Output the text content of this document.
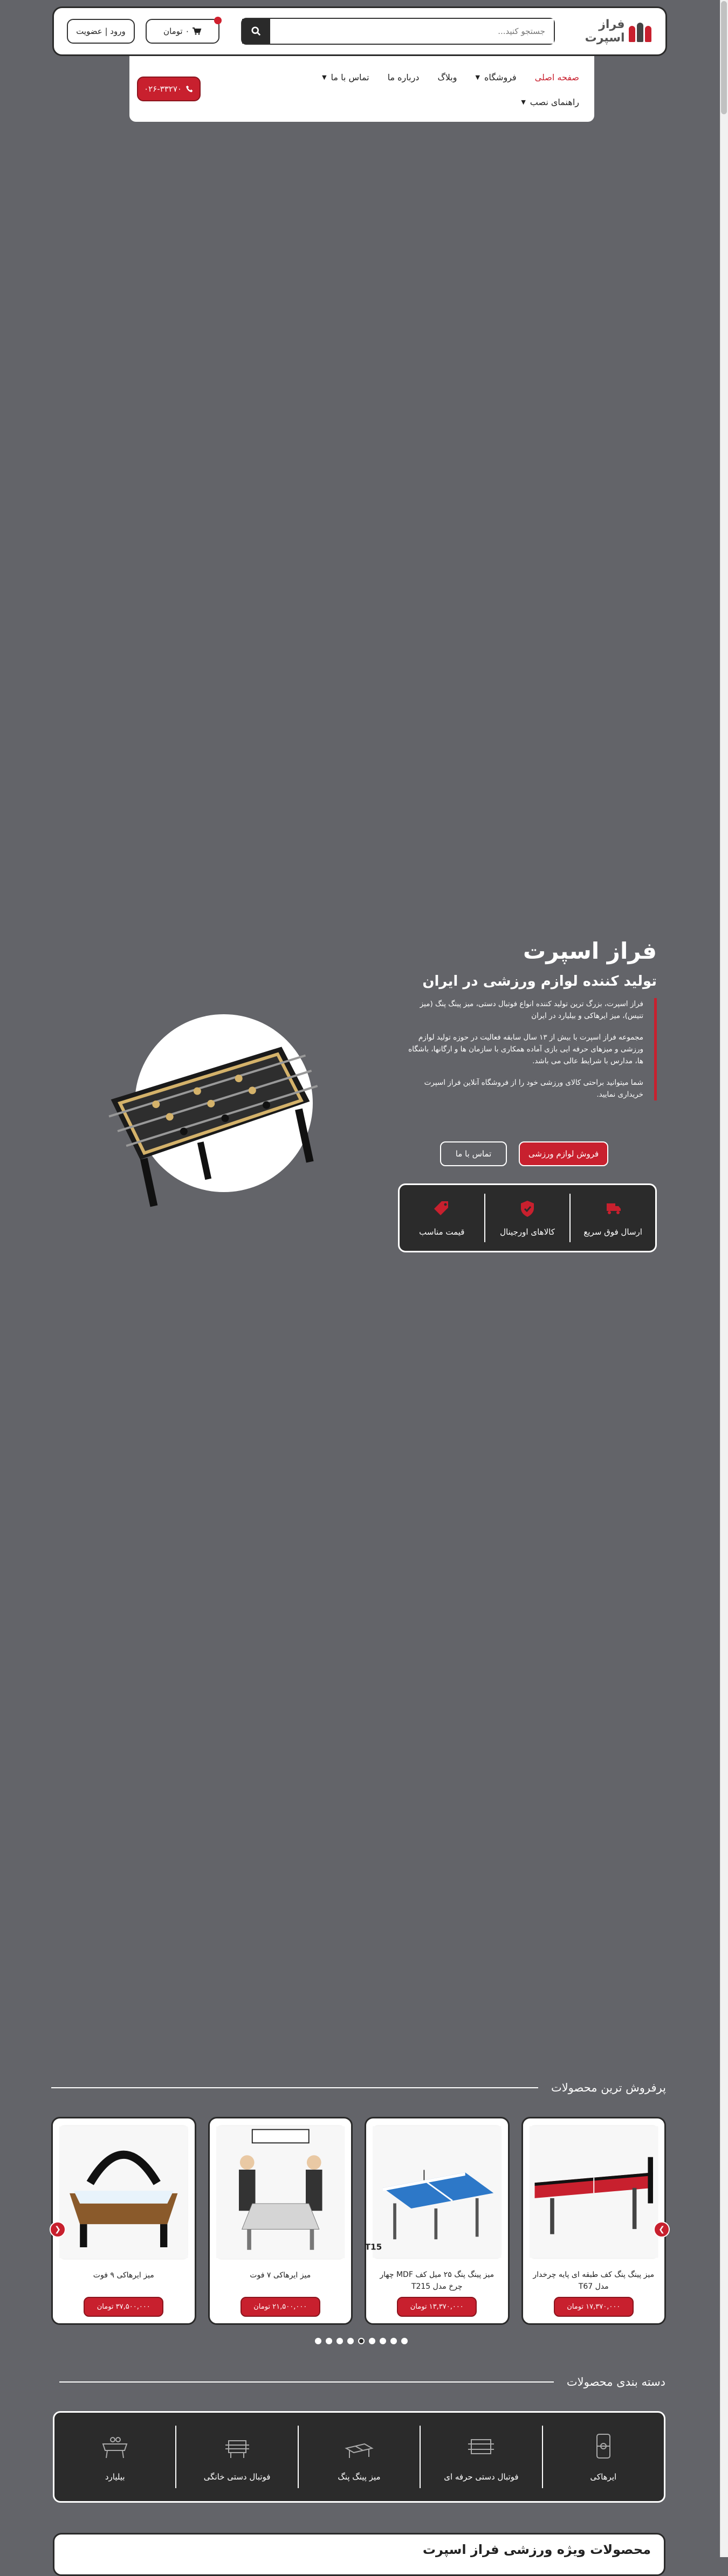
فراز اسپرت
جستجو کنید...
۰ تومان
ورود | عضویت
صفحه اصلی
فروشگاه
▼
وبلاگ
درباره ما
تماس با ما
▼
راهنمای نصب
▼
۰۲۶-۳۳۲۷۰
فراز اسپرت
تولید کننده لوازم ورزشی در ایران

فراز اسپرت، بزرگ ترین تولید کننده انواع فوتبال دستی، میز پینگ پنگ (میز تنیس)، میز ایرهاکی و بیلیارد در ایران

مجموعه فراز اسپرت با بیش از ۱۳ سال سابقه فعالیت در حوزه تولید لوازم ورزشی و میزهای حرفه ایی بازی آماده همکاری با سازمان ها و ارگانها، باشگاه ها، مدارس با شرایط عالی می باشد.

شما میتوانید براحتی کالای ورزشی خود را از فروشگاه آنلاین فراز اسپرت خریداری نمایید.

فروش لوازم ورزشی
تماس با ما
ارسال فوق سریع
کالاهای اورجینال
قیمت مناسب
پرفروش ترین محصولات
میز پینگ پنگ کف طبقه ای پایه چرخدار مدل T67
۱۷,۳۷۰,۰۰۰ تومان
T15
میز پینگ پنگ ۲۵ میل کف MDF چهار چرخ مدل T215
۱۳,۳۷۰,۰۰۰ تومان
میز ایرهاکی ۷ فوت
۲۱,۵۰۰,۰۰۰ تومان
میز ایرهاکی ۹ فوت
۳۷,۵۰۰,۰۰۰ تومان
❯
❮
دسته بندی محصولات
ایرهاکی
فوتبال دستی حرفه ای
میز پینگ پنگ
فوتبال دستی خانگی
بیلیارد
محصولات ویژه ورزشی فراز اسپرت
